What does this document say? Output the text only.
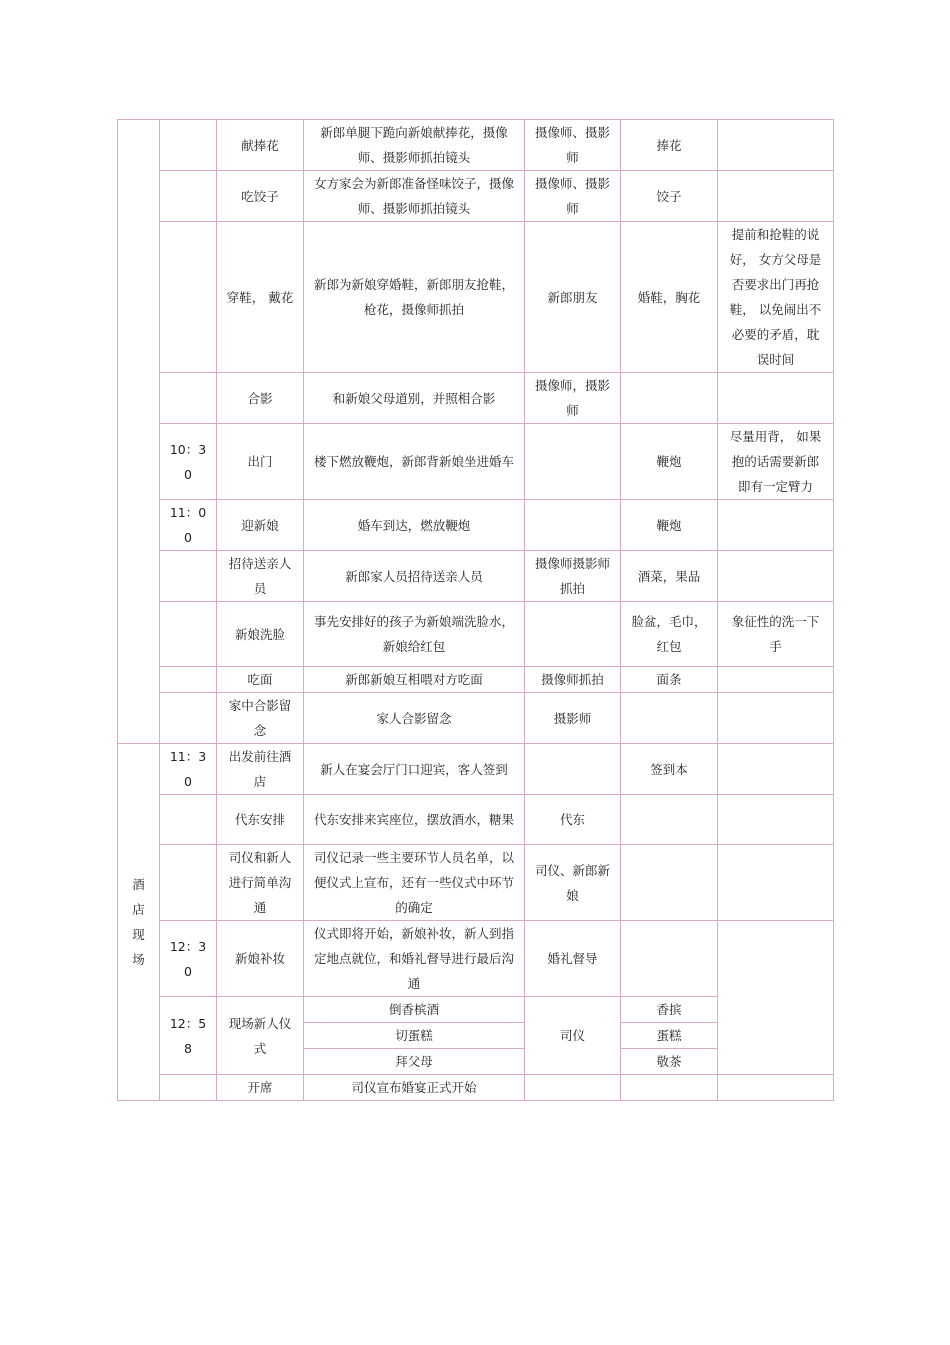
		献捧花	新郎单腿下跪向新娘献捧花，摄像师、摄影师抓拍镜头	摄像师、摄影师	捧花	
		吃饺子	女方家会为新郎准备怪味饺子，摄像师、摄影师抓拍镜头	摄像师、摄影师	饺子	
		穿鞋， 戴花	新郎为新娘穿婚鞋，新郎朋友抢鞋，枪花，摄像师抓拍	新郎朋友	婚鞋，胸花	提前和抢鞋的说好， 女方父母是否要求出门再抢鞋， 以免闹出不必要的矛盾，耽误时间
		合影	和新娘父母道别，并照相合影	摄像师，摄影师		
	10：30	出门	楼下燃放鞭炮，新郎背新娘坐进婚车		鞭炮	尽量用背， 如果抱的话需要新郎即有一定臂力
	11：00	迎新娘	婚车到达，燃放鞭炮		鞭炮	
		招待送亲人员	新郎家人员招待送亲人员	摄像师摄影师抓拍	酒菜，果品	
		新娘洗脸	事先安排好的孩子为新娘端洗脸水，新娘给红包		脸盆，毛巾，红包	象征性的洗一下手
		吃面	新郎新娘互相喂对方吃面	摄像师抓拍	面条	
		家中合影留念	家人合影留念	摄影师		
酒店现场	11：30	出发前往酒店	新人在宴会厅门口迎宾，客人签到		签到本	
		代东安排	代东安排来宾座位，摆放酒水，糖果	代东		
		司仪和新人进行简单沟通	司仪记录一些主要环节人员名单，以便仪式上宣布，还有一些仪式中环节的确定	司仪、新郎新娘		
	12：30	新娘补妆	仪式即将开始，新娘补妆，新人到指定地点就位，和婚礼督导进行最后沟通	婚礼督导		
	12：58	现场新人仪式	倒香槟酒	司仪	香摈	
			切蛋糕		蛋糕	
			拜父母		敬茶	
		开席	司仪宣布婚宴正式开始			
